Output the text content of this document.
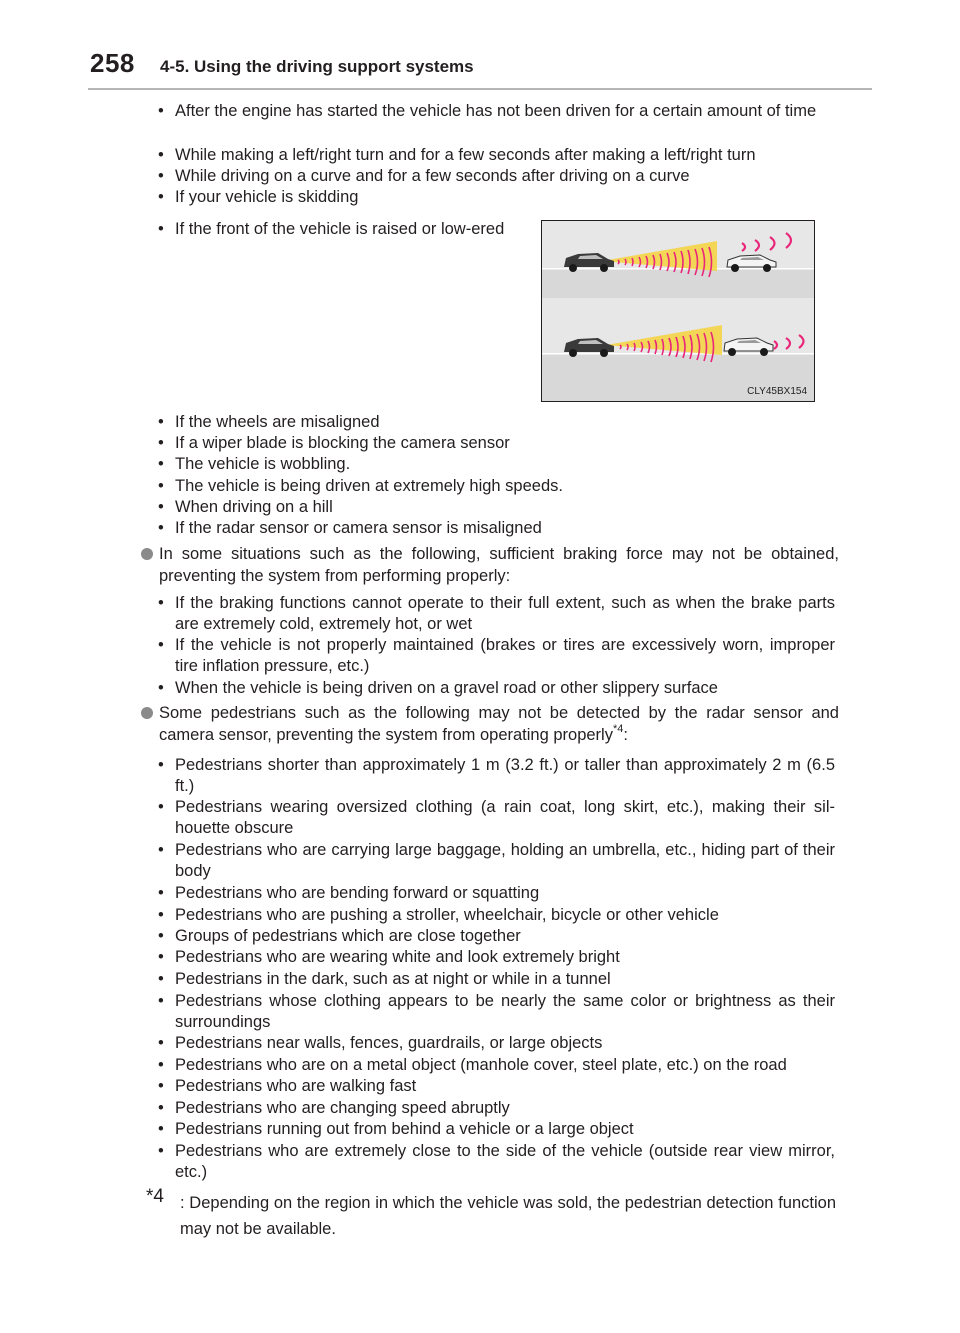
258 4-5. Using the driving support systems
• After the engine has started the vehicle has not been driven for a certain amount of time
• While making a left/right turn and for a few seconds after making a left/right turn
• While driving on a curve and for a few seconds after driving on a curve
• If your vehicle is skidding
• If the front of the vehicle is raised or low-ered
CLY45BX154
• If the wheels are misaligned
• If a wiper blade is blocking the camera sensor
• The vehicle is wobbling.
• The vehicle is being driven at extremely high speeds.
• When driving on a hill
• If the radar sensor or camera sensor is misaligned
In some situations such as the following, sufficient braking force may not be obtained, preventing the system from performing properly:
• If the braking functions cannot operate to their full extent, such as when the brake parts are extremely cold, extremely hot, or wet
• If the vehicle is not properly maintained (brakes or tires are excessively worn, improper tire inflation pressure, etc.)
• When the vehicle is being driven on a gravel road or other slippery surface
Some pedestrians such as the following may not be detected by the radar sensor and camera sensor, preventing the system from operating properly$^{*4}$:
• Pedestrians shorter than approximately 1 m (3.2 ft.) or taller than approximately 2 m (6.5 ft.)
• Pedestrians wearing oversized clothing (a rain coat, long skirt, etc.), making their sil-houette obscure
• Pedestrians who are carrying large baggage, holding an umbrella, etc., hiding part of their body
• Pedestrians who are bending forward or squatting
• Pedestrians who are pushing a stroller, wheelchair, bicycle or other vehicle
• Groups of pedestrians which are close together
• Pedestrians who are wearing white and look extremely bright
• Pedestrians in the dark, such as at night or while in a tunnel
• Pedestrians whose clothing appears to be nearly the same color or brightness as their surroundings
• Pedestrians near walls, fences, guardrails, or large objects
• Pedestrians who are on a metal object (manhole cover, steel plate, etc.) on the road
• Pedestrians who are walking fast
• Pedestrians who are changing speed abruptly
• Pedestrians running out from behind a vehicle or a large object
• Pedestrians who are extremely close to the side of the vehicle (outside rear view mirror, etc.)
*4 : Depending on the region in which the vehicle was sold, the pedestrian detection function may not be available.
